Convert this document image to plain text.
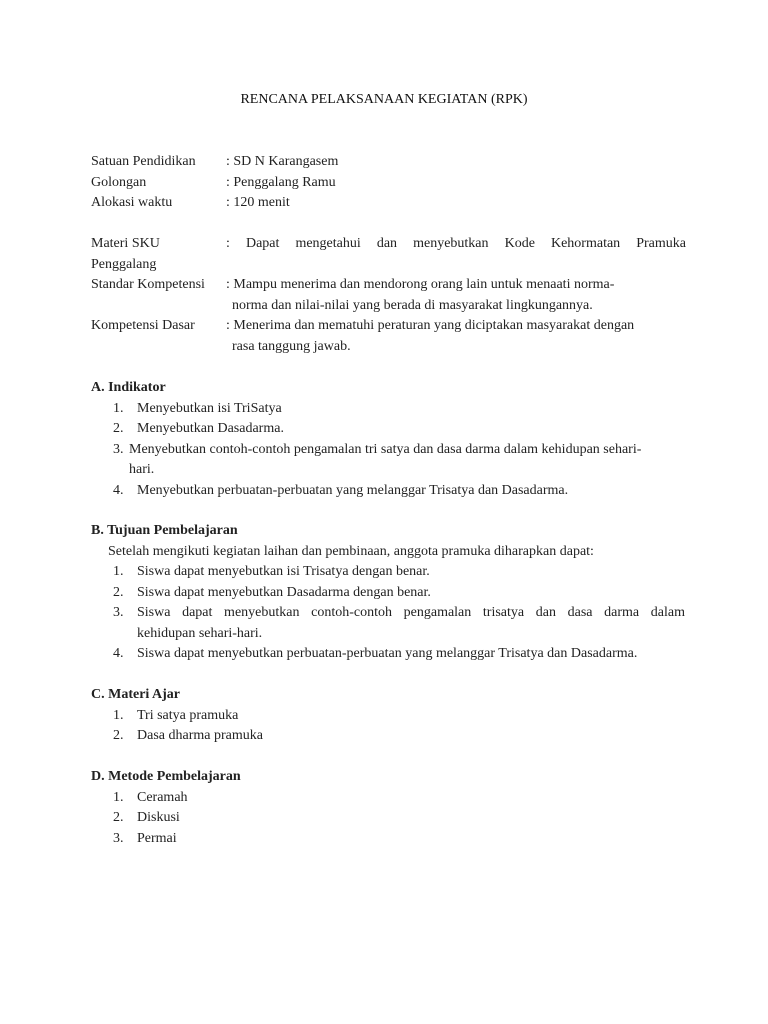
RENCANA PELAKSANAAN KEGIATAN (RPK)
Satuan Pendidikan : SD N Karangasem
Golongan	: Penggalang Ramu
Alokasi waktu	: 120 menit
Materi SKU	: Dapat mengetahui dan menyebutkan Kode Kehormatan Pramuka
Penggalang
Standar Kompetensi : Mampu menerima dan mendorong orang lain untuk menaati norma-
norma dan nilai-nilai yang berada di masyarakat lingkungannya.
Kompetensi Dasar : Menerima dan mematuhi peraturan yang diciptakan masyarakat dengan
rasa tanggung jawab.
A. Indikator
1. Menyebutkan isi TriSatya
2. Menyebutkan Dasadarma.
3. Menyebutkan contoh-contoh pengamalan tri satya dan dasa darma dalam kehidupan sehari-
hari.
4. Menyebutkan perbuatan-perbuatan yang melanggar Trisatya dan Dasadarma.
B. Tujuan Pembelajaran
Setelah mengikuti kegiatan laihan dan pembinaan, anggota pramuka diharapkan dapat:
1. Siswa dapat menyebutkan isi Trisatya dengan benar.
2. Siswa dapat menyebutkan Dasadarma dengan benar.
3. Siswa dapat menyebutkan contoh-contoh pengamalan trisatya dan dasa darma dalam
kehidupan sehari-hari.
4. Siswa dapat menyebutkan perbuatan-perbuatan yang melanggar Trisatya dan Dasadarma.
C. Materi Ajar
1. Tri satya pramuka
2. Dasa dharma pramuka
D. Metode Pembelajaran
1. Ceramah
2. Diskusi
3. Permai
